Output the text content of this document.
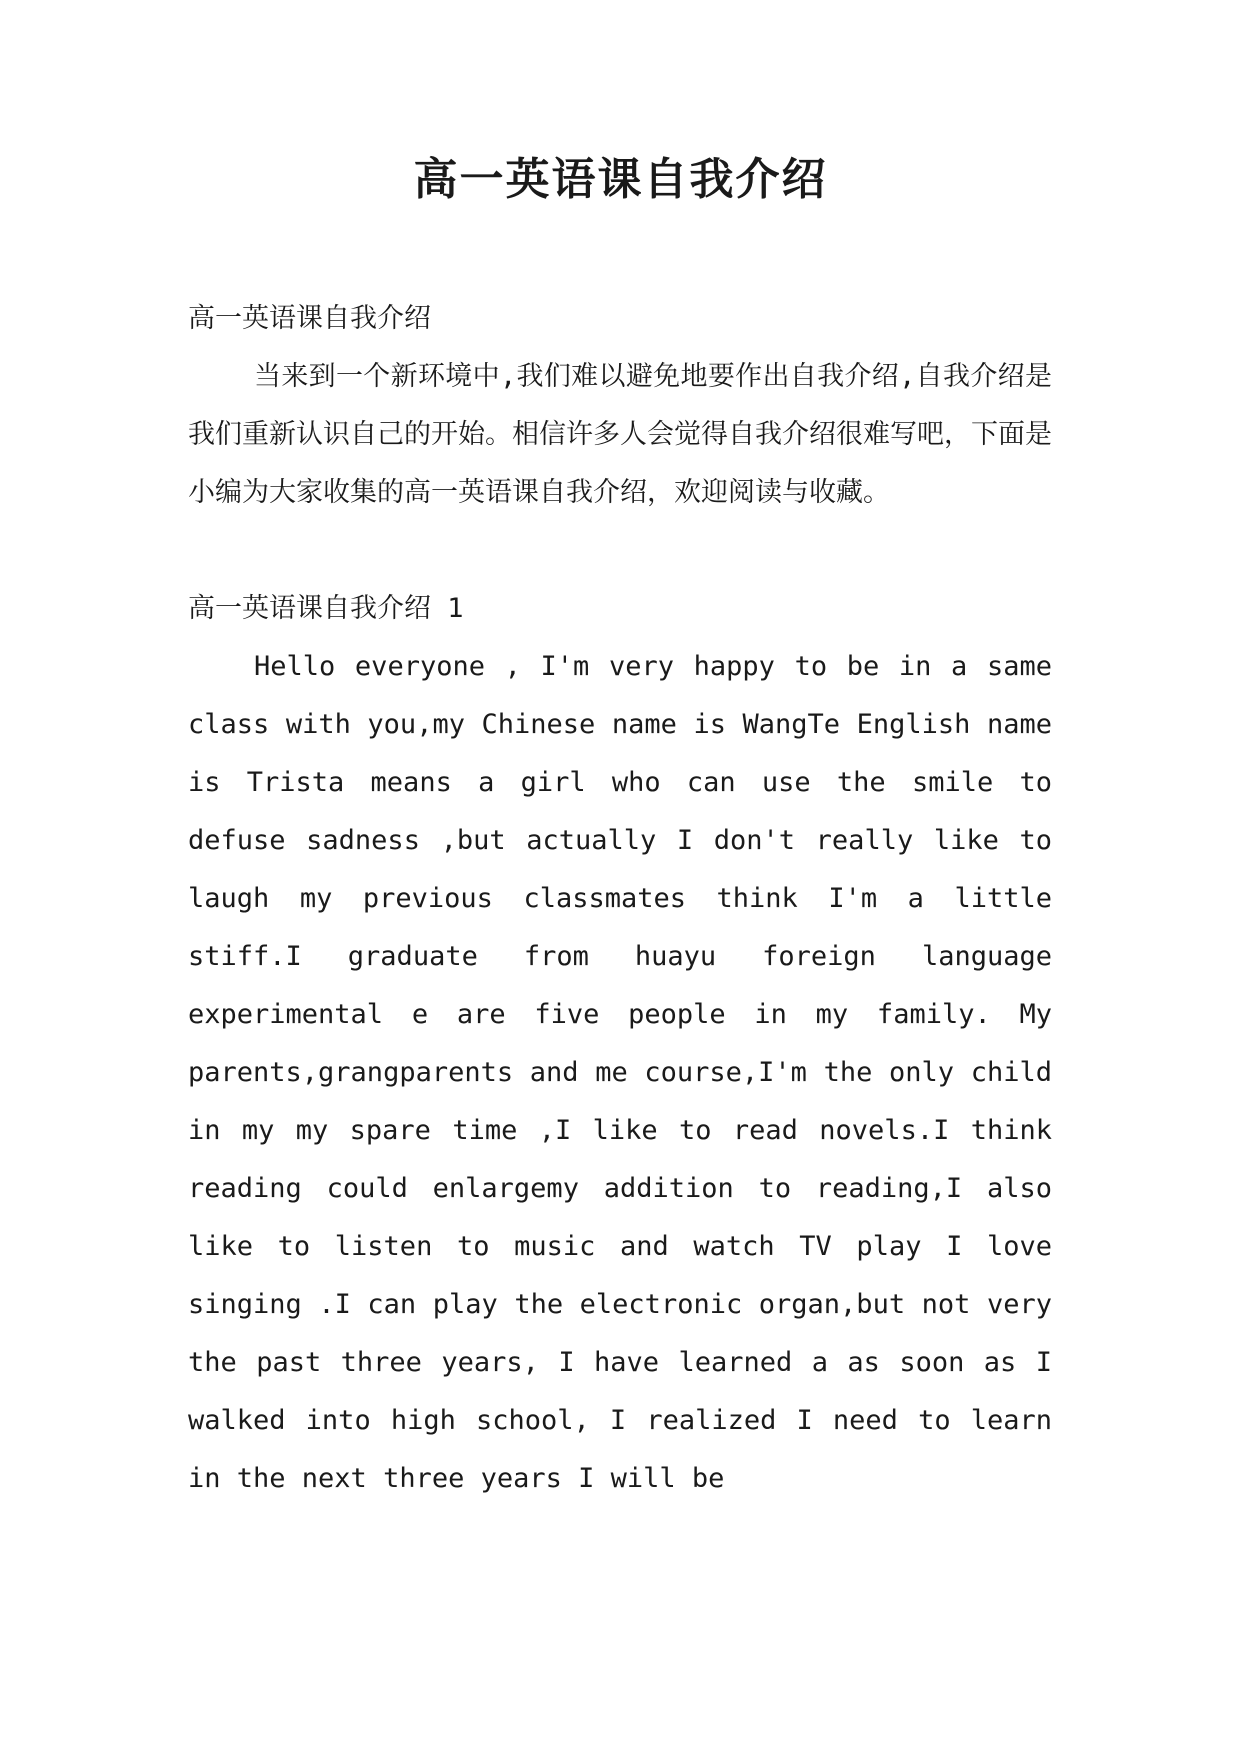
高一英语课自我介绍

高一英语课自我介绍

当来到一个新环境中,我们难以避免地要作出自我介绍,自我介绍是我们重新认识自己的开始。相信许多人会觉得自我介绍很难写吧，下面是小编为大家收集的高一英语课自我介绍，欢迎阅读与收藏。

高一英语课自我介绍 1

Hello everyone , I'm very happy to be in a same class with you,my Chinese name is WangTe English name is Trista means a girl who can use the smile to defuse sadness ,but actually I don't really like to laugh my previous classmates think I'm a little stiff.I graduate from huayu foreign language experimental e are five people in my family. My parents,grangparents and me course,I'm the only child in my my spare time ,I like to read novels.I think reading could enlargemy addition to reading,I also like to listen to music and watch TV play I love singing .I can play the electronic organ,but not very the past three years, I have learned a as soon as I walked into high school, I realized I need to learn in the next three years I will be
